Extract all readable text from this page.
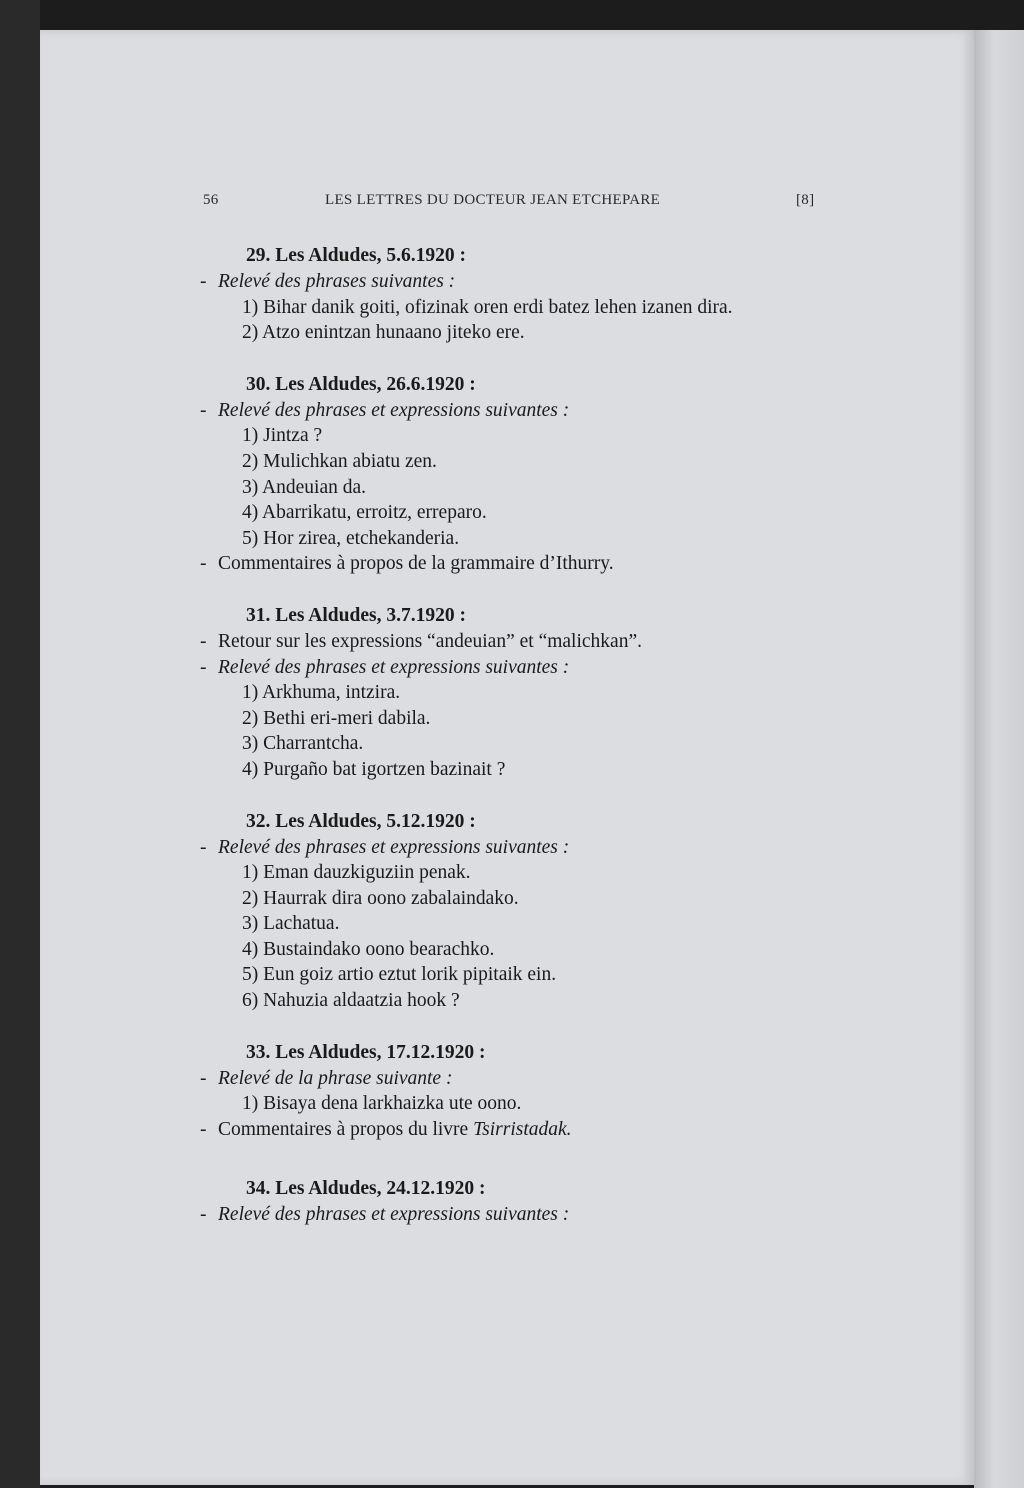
56	LES LETTRES DU DOCTEUR JEAN ETCHEPARE	[8]
29. Les Aldudes, 5.6.1920 :
- Relevé des phrases suivantes :
1) Bihar danik goiti, ofizinak oren erdi batez lehen izanen dira.
2) Atzo enintzan hunaano jiteko ere.
30. Les Aldudes, 26.6.1920 :
- Relevé des phrases et expressions suivantes :
1) Jintza ?
2) Mulichkan abiatu zen.
3) Andeuian da.
4) Abarrikatu, erroitz, erreparo.
5) Hor zirea, etchekanderia.
- Commentaires à propos de la grammaire d’Ithurry.
31. Les Aldudes, 3.7.1920 :
- Retour sur les expressions “andeuian” et “malichkan”.
- Relevé des phrases et expressions suivantes :
1) Arkhuma, intzira.
2) Bethi eri-meri dabila.
3) Charrantcha.
4) Purgaño bat igortzen bazinait ?
32. Les Aldudes, 5.12.1920 :
- Relevé des phrases et expressions suivantes :
1) Eman dauzkiguziin penak.
2) Haurrak dira oono zabalaindako.
3) Lachatua.
4) Bustaindako oono bearachko.
5) Eun goiz artio eztut lorik pipitaik ein.
6) Nahuzia aldaatzia hook ?
33. Les Aldudes, 17.12.1920 :
- Relevé de la phrase suivante :
1) Bisaya dena larkhaizka ute oono.
- Commentaires à propos du livre Tsirristadak.
34. Les Aldudes, 24.12.1920 :
- Relevé des phrases et expressions suivantes :
